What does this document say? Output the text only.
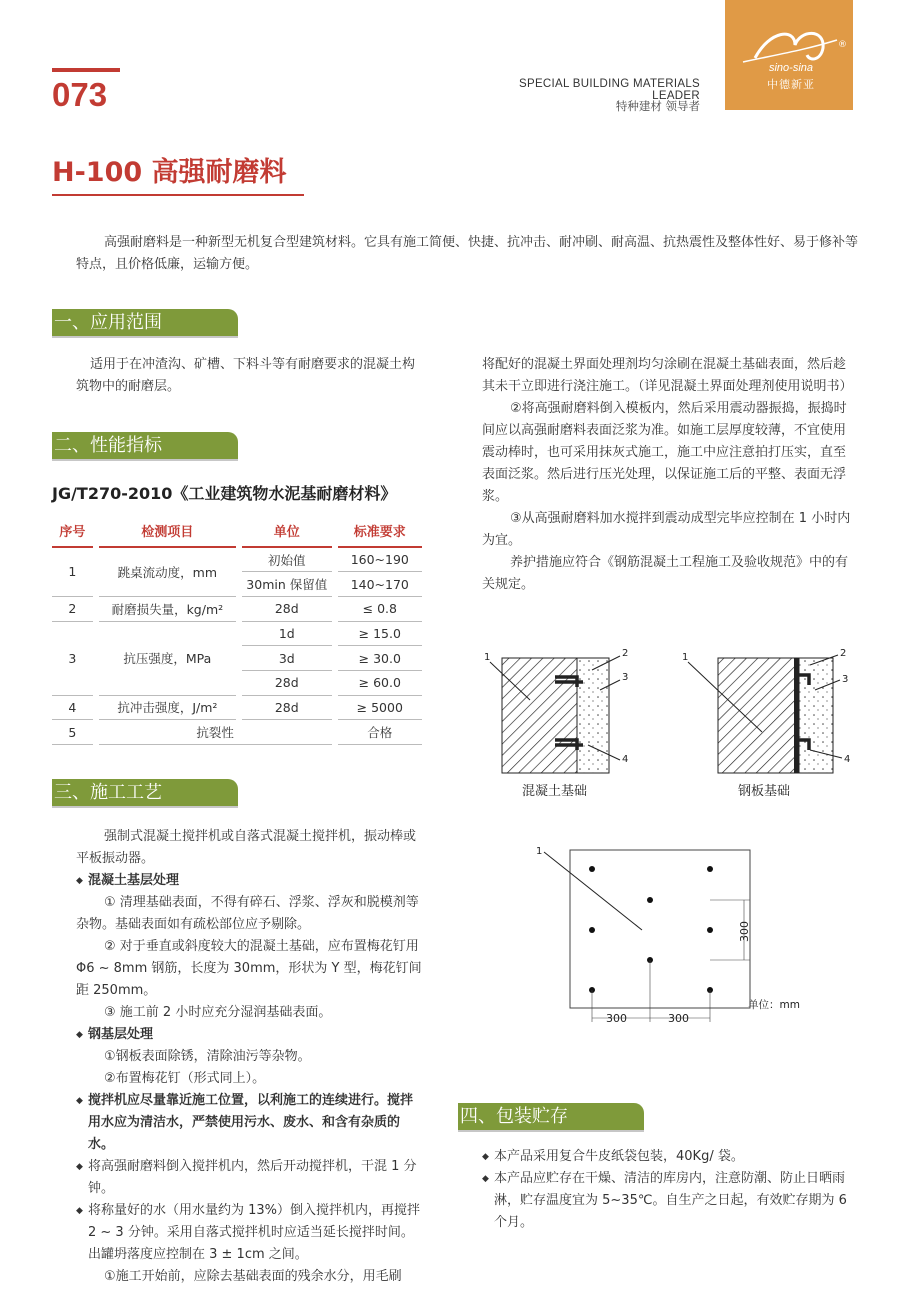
073	SPECIAL BUILDING MATERIALS LEADER
特种建材 领导者
®
sino-sina
中德新亚
H-100 高强耐磨料
高强耐磨料是一种新型无机复合型建筑材料。它具有施工简便、快捷、抗冲击、耐冲刷、耐高温、抗热震性及整体性好、易于修补等特点，且价格低廉，运输方便。
一、应用范围
适用于在冲渣沟、矿槽、下料斗等有耐磨要求的混凝土构筑物中的耐磨层。
二、性能指标
JG/T270-2010《工业建筑物水泥基耐磨材料》
序号		检测项目		单位		标准要求
1		跳桌流动度，mm		初始值		160~190
				30min 保留值		140~170
2		耐磨损失量，kg/m²		28d		≤ 0.8
3		抗压强度，MPa		1d		≥ 15.0
				3d		≥ 30.0
				28d		≥ 60.0
4		抗冲击强度，J/m²		28d		≥ 5000
5		抗裂性				合格
三、施工工艺
强制式混凝土搅拌机或自落式混凝土搅拌机，振动棒或平板振动器。
◆ 混凝土基层处理
① 清理基础表面，不得有碎石、浮浆、浮灰和脱模剂等杂物。基础表面如有疏松部位应予剔除。
② 对于垂直或斜度较大的混凝土基础，应布置梅花钉用 Φ6 ~ 8mm 钢筋，长度为 30mm，形状为 Y 型，梅花钉间距 250mm。
③ 施工前 2 小时应充分湿润基础表面。
◆ 钢基层处理
①钢板表面除锈，清除油污等杂物。
②布置梅花钉（形式同上）。
◆ 搅拌机应尽量靠近施工位置，以利施工的连续进行。搅拌用水应为清洁水，严禁使用污水、废水、和含有杂质的水。
◆ 将高强耐磨料倒入搅拌机内，然后开动搅拌机，干混 1 分钟。
◆ 将称量好的水（用水量约为 13%）倒入搅拌机内，再搅拌 2 ~ 3 分钟。采用自落式搅拌机时应适当延长搅拌时间。出罐坍落度应控制在 3 ± 1cm 之间。
①施工开始前，应除去基础表面的残余水分，用毛刷
将配好的混凝土界面处理剂均匀涂刷在混凝土基础表面，然后趁其未干立即进行浇注施工。（详见混凝土界面处理剂使用说明书）
②将高强耐磨料倒入模板内，然后采用震动器振捣，振捣时间应以高强耐磨料表面泛浆为准。如施工层厚度较薄，不宜使用震动棒时，也可采用抹灰式施工，施工中应注意拍打压实，直至表面泛浆。然后进行压光处理，以保证施工后的平整、表面无浮浆。
③从高强耐磨料加水搅拌到震动成型完毕应控制在 1 小时内为宜。
养护措施应符合《钢筋混凝土工程施工及验收规范》中的有关规定。
1	2
3
4
1	2
3
4
混凝土基础	钢板基础
1
300	300
300
单位：mm
四、包装贮存
◆ 本产品采用复合牛皮纸袋包装，40Kg/ 袋。
◆ 本产品应贮存在干燥、清洁的库房内，注意防潮、防止日晒雨淋，贮存温度宜为 5~35℃。自生产之日起，有效贮存期为 6 个月。
